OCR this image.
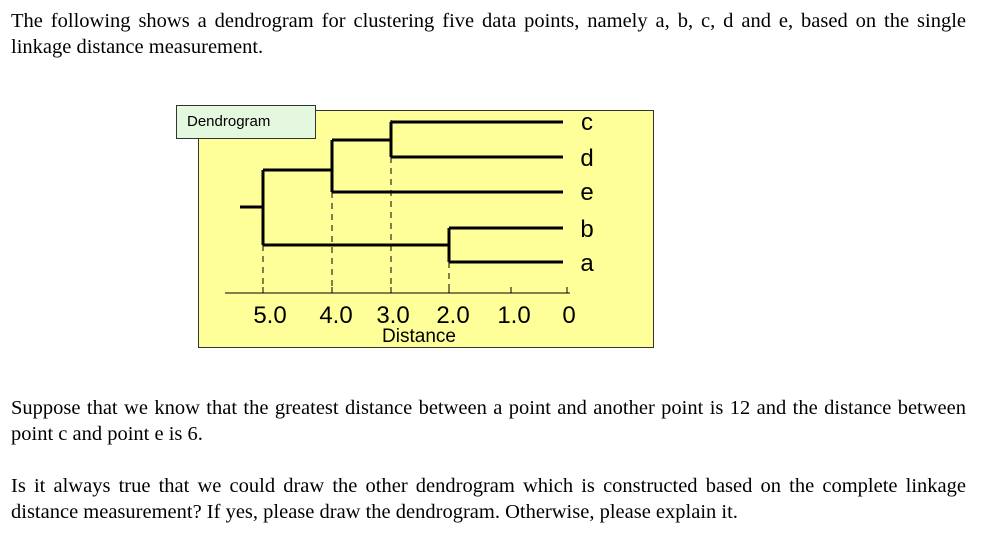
The following shows a dendrogram for clustering five data points, namely a, b, c, d and e, based on the single linkage distance measurement.

Dendrogram
5.0 4.0 3.0 2.0 1.0 0
Distance
c
d
e
b
a

Suppose that we know that the greatest distance between a point and another point is 12 and the distance between point c and point e is 6.

Is it always true that we could draw the other dendrogram which is constructed based on the complete linkage distance measurement? If yes, please draw the dendrogram. Otherwise, please explain it.
